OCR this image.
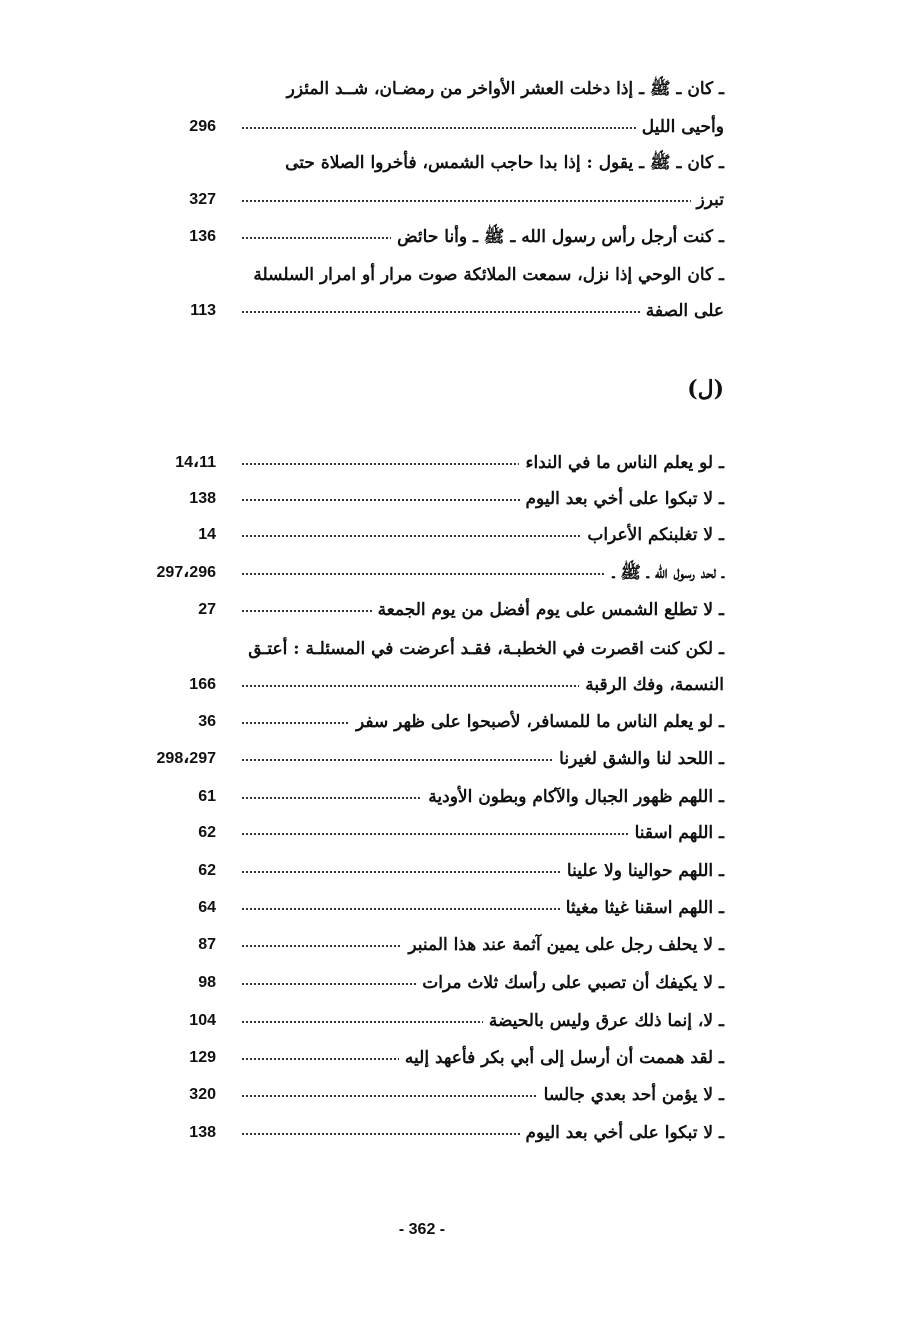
ـ كان ـ ﷺ ـ إذا دخلت العشر الأواخر من رمضـان، شــد المئزر
296	وأحيى الليل
ـ كان ـ ﷺ ـ يقول : إذا بدا حاجب الشمس، فأخروا الصلاة حتى
327	تبرز
136	ـ كنت أرجل رأس رسول الله ـ ﷺ ـ وأنا حائض
ـ كان الوحي إذا نزل، سمعت الملائكة صوت مرار أو امرار السلسلة
113	على الصفة
(ل)
14،11	ـ لو يعلم الناس ما في النداء
138	ـ لا تبكوا على أخي بعد اليوم
14	ـ لا تغلبنكم الأعراب
297،296	ـ لحد رسول الله ـ ﷺ ـ
27	ـ لا تطلع الشمس على يوم أفضل من يوم الجمعة
ـ لكن كنت اقصرت في الخطبـة، فقـد أعرضت في المسئلـة : أعتـق
166	النسمة، وفك الرقبة
36	ـ لو يعلم الناس ما للمسافر، لأصبحوا على ظهر سفر
298،297	ـ اللحد لنا والشق لغيرنا
61	ـ اللهم ظهور الجبال والآكام وبطون الأودية
62	ـ اللهم اسقنا
62	ـ اللهم حوالينا ولا علينا
64	ـ اللهم اسقنا غيثا مغيثا
87	ـ لا يحلف رجل على يمين آثمة عند هذا المنبر
98	ـ لا يكيفك أن تصبي على رأسك ثلاث مرات
104	ـ لا، إنما ذلك عرق وليس بالحيضة
129	ـ لقد هممت أن أرسل إلى أبي بكر فأعهد إليه
320	ـ لا يؤمن أحد بعدي جالسا
138	ـ لا تبكوا على أخي بعد اليوم
- 362 -
